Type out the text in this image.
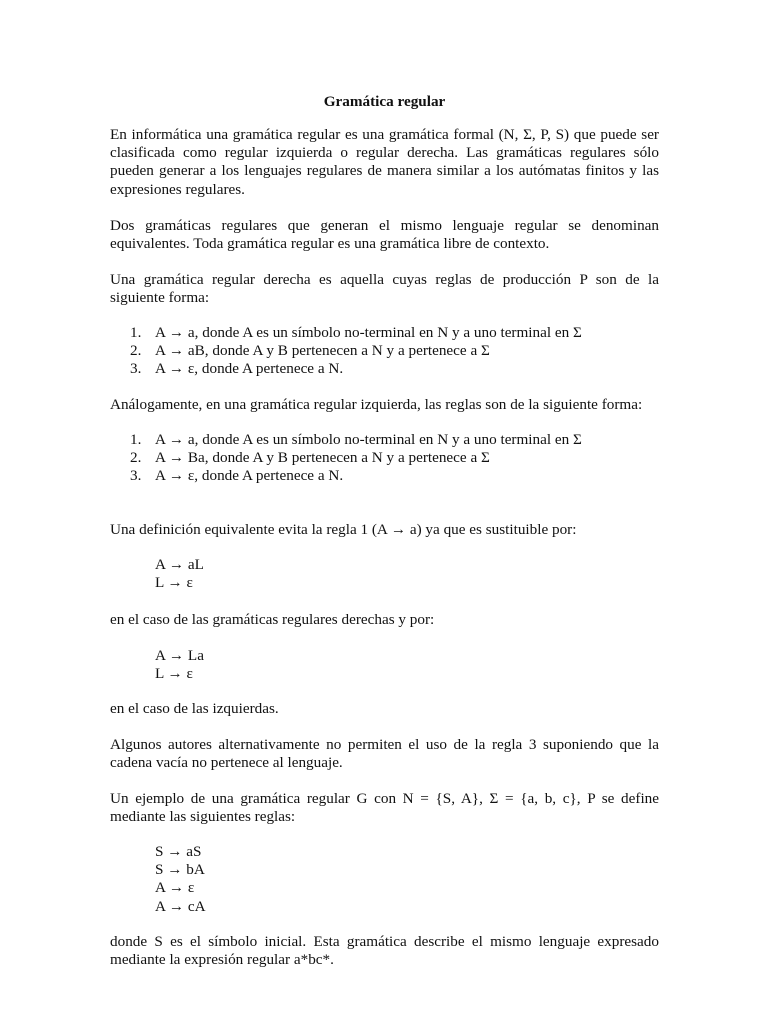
Gramática regular

En informática una gramática regular es una gramática formal (N, Σ, P, S) que puede ser
clasificada como regular izquierda o regular derecha. Las gramáticas regulares sólo
pueden generar a los lenguajes regulares de manera similar a los autómatas finitos y las
expresiones regulares.

Dos gramáticas regulares que generan el mismo lenguaje regular se denominan
equivalentes. Toda gramática regular es una gramática libre de contexto.

Una gramática regular derecha es aquella cuyas reglas de producción P son de la
siguiente forma:

1. A → a, donde A es un símbolo no-terminal en N y a uno terminal en Σ
2. A → aB, donde A y B pertenecen a N y a pertenece a Σ
3. A → ε, donde A pertenece a N.

Análogamente, en una gramática regular izquierda, las reglas son de la siguiente forma:

1. A → a, donde A es un símbolo no-terminal en N y a uno terminal en Σ
2. A → Ba, donde A y B pertenecen a N y a pertenece a Σ
3. A → ε, donde A pertenece a N.

Una definición equivalente evita la regla 1 (A → a) ya que es sustituible por:

A → aL
L → ε

en el caso de las gramáticas regulares derechas y por:

A → La
L → ε

en el caso de las izquierdas.

Algunos autores alternativamente no permiten el uso de la regla 3 suponiendo que la
cadena vacía no pertenece al lenguaje.

Un ejemplo de una gramática regular G con N = {S, A}, Σ = {a, b, c}, P se define
mediante las siguientes reglas:

S → aS
S → bA
A → ε
A → cA

donde S es el símbolo inicial. Esta gramática describe el mismo lenguaje expresado
mediante la expresión regular a*bc*.
